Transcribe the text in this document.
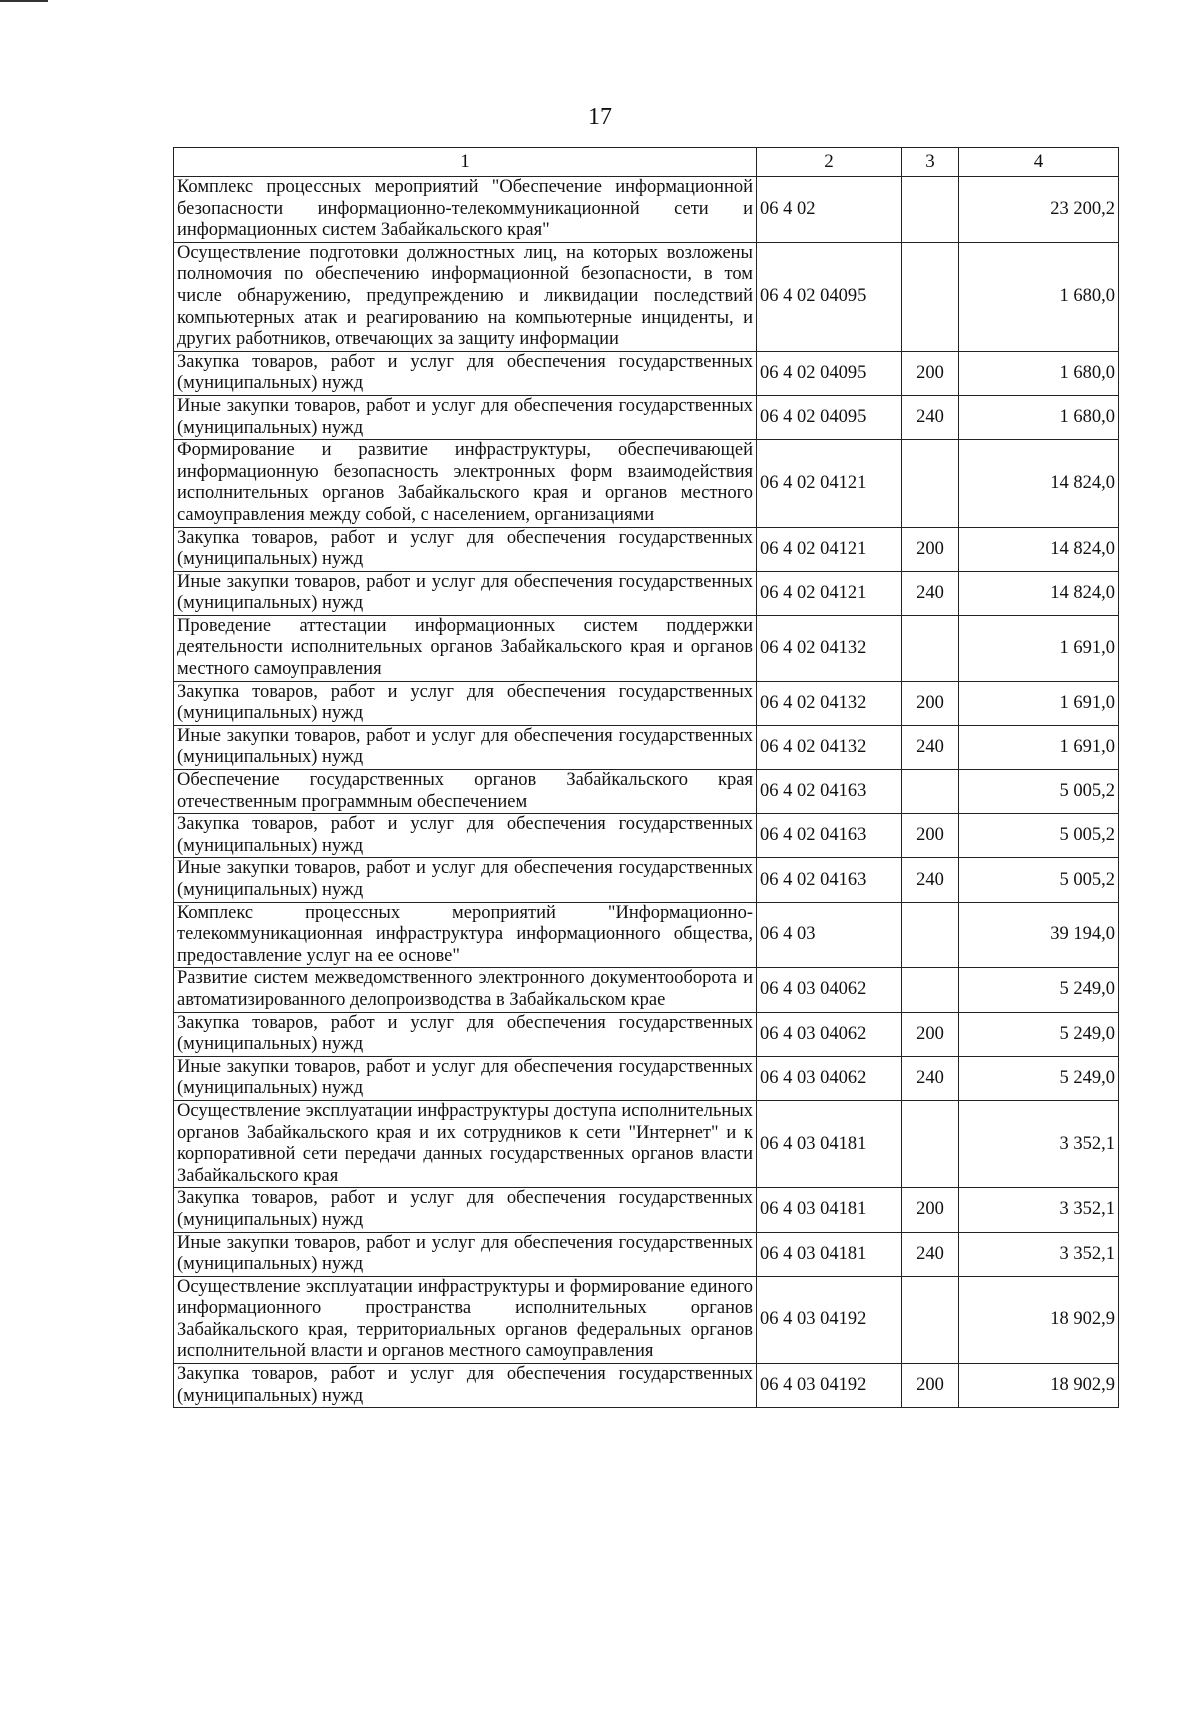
17
1	2	3	4
Комплекс процессных мероприятий "Обеспечение информационной безопасности информационно-телекоммуникационной сети и информационных систем Забайкальского края"	06 4 02		23 200,2
Осуществление подготовки должностных лиц, на которых возложены полномочия по обеспечению информационной безопасности, в том числе обнаружению, предупреждению и ликвидации последствий компьютерных атак и реагированию на компьютерные инциденты, и других работников, отвечающих за защиту информации	06 4 02 04095		1 680,0
Закупка товаров, работ и услуг для обеспечения государственных (муниципальных) нужд	06 4 02 04095	200	1 680,0
Иные закупки товаров, работ и услуг для обеспечения государственных (муниципальных) нужд	06 4 02 04095	240	1 680,0
Формирование и развитие инфраструктуры, обеспечивающей информационную безопасность электронных форм взаимодействия исполнительных органов Забайкальского края и органов местного самоуправления между собой, с населением, организациями	06 4 02 04121		14 824,0
Закупка товаров, работ и услуг для обеспечения государственных (муниципальных) нужд	06 4 02 04121	200	14 824,0
Иные закупки товаров, работ и услуг для обеспечения государственных (муниципальных) нужд	06 4 02 04121	240	14 824,0
Проведение аттестации информационных систем поддержки деятельности исполнительных органов Забайкальского края и органов местного самоуправления	06 4 02 04132		1 691,0
Закупка товаров, работ и услуг для обеспечения государственных (муниципальных) нужд	06 4 02 04132	200	1 691,0
Иные закупки товаров, работ и услуг для обеспечения государственных (муниципальных) нужд	06 4 02 04132	240	1 691,0
Обеспечение государственных органов Забайкальского края отечественным программным обеспечением	06 4 02 04163		5 005,2
Закупка товаров, работ и услуг для обеспечения государственных (муниципальных) нужд	06 4 02 04163	200	5 005,2
Иные закупки товаров, работ и услуг для обеспечения государственных (муниципальных) нужд	06 4 02 04163	240	5 005,2
Комплекс процессных мероприятий "Информационно-телекоммуникационная инфраструктура информационного общества, предоставление услуг на ее основе"	06 4 03		39 194,0
Развитие систем межведомственного электронного документооборота и автоматизированного делопроизводства в Забайкальском крае	06 4 03 04062		5 249,0
Закупка товаров, работ и услуг для обеспечения государственных (муниципальных) нужд	06 4 03 04062	200	5 249,0
Иные закупки товаров, работ и услуг для обеспечения государственных (муниципальных) нужд	06 4 03 04062	240	5 249,0
Осуществление эксплуатации инфраструктуры доступа исполнительных органов Забайкальского края и их сотрудников к сети "Интернет" и к корпоративной сети передачи данных государственных органов власти Забайкальского края	06 4 03 04181		3 352,1
Закупка товаров, работ и услуг для обеспечения государственных (муниципальных) нужд	06 4 03 04181	200	3 352,1
Иные закупки товаров, работ и услуг для обеспечения государственных (муниципальных) нужд	06 4 03 04181	240	3 352,1
Осуществление эксплуатации инфраструктуры и формирование единого информационного пространства исполнительных органов Забайкальского края, территориальных органов федеральных органов исполнительной власти и органов местного самоуправления	06 4 03 04192		18 902,9
Закупка товаров, работ и услуг для обеспечения государственных (муниципальных) нужд	06 4 03 04192	200	18 902,9
